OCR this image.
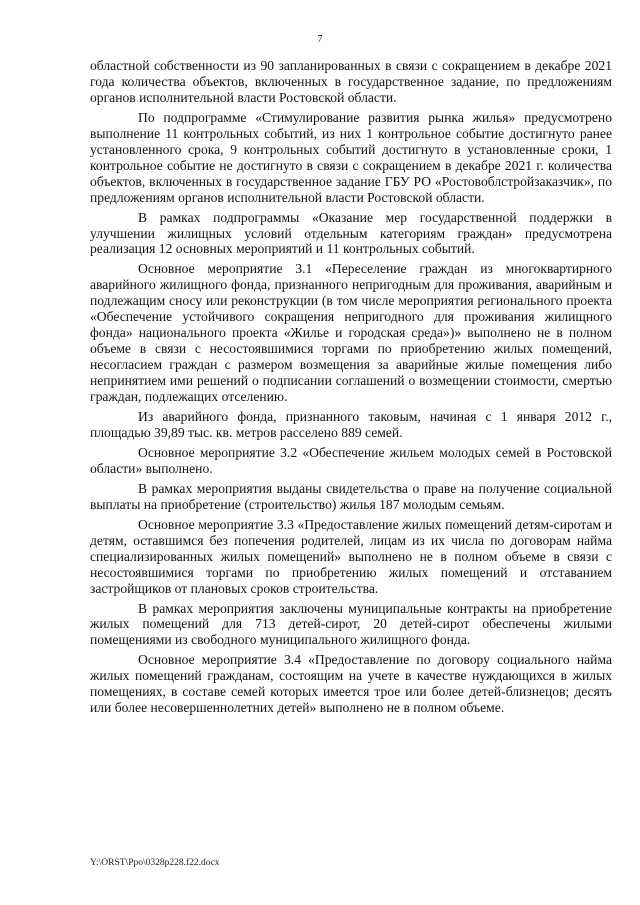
7

областной собственности из 90 запланированных в связи с сокращением в декабре 2021 года количества объектов, включенных в государственное задание, по предложениям органов исполнительной власти Ростовской области.

По подпрограмме «Стимулирование развития рынка жилья» предусмотрено выполнение 11 контрольных событий, из них 1 контрольное событие достигнуто ранее установленного срока, 9 контрольных событий достигнуто в установленные сроки, 1 контрольное событие не достигнуто в связи с сокращением в декабре 2021 г. количества объектов, включенных в государственное задание ГБУ РО «Ростовоблстройзаказчик», по предложениям органов исполнительной власти Ростовской области.

В рамках подпрограммы «Оказание мер государственной поддержки в улучшении жилищных условий отдельным категориям граждан» предусмотрена реализация 12 основных мероприятий и 11 контрольных событий.

Основное мероприятие 3.1 «Переселение граждан из многоквартирного аварийного жилищного фонда, признанного непригодным для проживания, аварийным и подлежащим сносу или реконструкции (в том числе мероприятия регионального проекта «Обеспечение устойчивого сокращения непригодного для проживания жилищного фонда» национального проекта «Жилье и городская среда»)» выполнено не в полном объеме в связи с несостоявшимися торгами по приобретению жилых помещений, несогласием граждан с размером возмещения за аварийные жилые помещения либо непринятием ими решений о подписании соглашений о возмещении стоимости, смертью граждан, подлежащих отселению.

Из аварийного фонда, признанного таковым, начиная с 1 января 2012 г., площадью 39,89 тыс. кв. метров расселено 889 семей.

Основное мероприятие 3.2 «Обеспечение жильем молодых семей в Ростовской области» выполнено.

В рамках мероприятия выданы свидетельства о праве на получение социальной выплаты на приобретение (строительство) жилья 187 молодым семьям.

Основное мероприятие 3.3 «Предоставление жилых помещений детям-сиротам и детям, оставшимся без попечения родителей, лицам из их числа по договорам найма специализированных жилых помещений» выполнено не в полном объеме в связи с несостоявшимися торгами по приобретению жилых помещений и отставанием застройщиков от плановых сроков строительства.

В рамках мероприятия заключены муниципальные контракты на приобретение жилых помещений для 713 детей-сирот, 20 детей-сирот обеспечены жилыми помещениями из свободного муниципального жилищного фонда.

Основное мероприятие 3.4 «Предоставление по договору социального найма жилых помещений гражданам, состоящим на учете в качестве нуждающихся в жилых помещениях, в составе семей которых имеется трое или более детей-близнецов; десять или более несовершеннолетних детей» выполнено не в полном объеме.

Y:\ORST\Ppo\0328p228.f22.docx
